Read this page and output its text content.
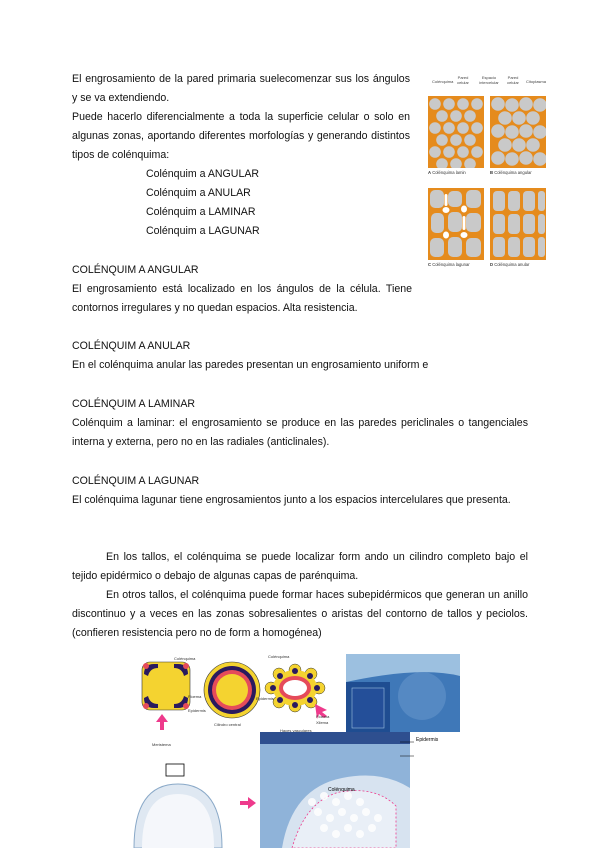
El engrosamiento de la pared primaria suelecomenzar sus los ángulos y se va extendiendo.

Puede hacerlo diferencialmente a toda la superficie celular o solo en algunas zonas, aportando diferentes morfologías y generando distintos tipos de colénquima:

Colénquim a ANGULAR

Colénquim a ANULAR

Colénquim a LAMINAR

Colénquim a LAGUNAR

COLÉNQUIM A ANGULAR

El engrosamiento está localizado en los ángulos de la célula. Tiene contornos irregulares y no quedan espacios. Alta resistencia.

COLÉNQUIM A ANULAR

En el colénquima anular las paredes presentan un engrosamiento uniform e

COLÉNQUIM A LAMINAR

Colénquim a laminar: el engrosamiento se produce en las paredes periclinales o tangenciales interna y externa, pero no en las radiales (anticlinales).

COLÉNQUIM A LAGUNAR

El colénquima lagunar tiene engrosamientos junto a los espacios intercelulares que presenta.

En los tallos, el colénquima se puede localizar form ando un cilindro completo bajo el tejido epidérmico o debajo de algunas capas de parénquima.

En otros tallos, el colénquima puede formar haces subepidérmicos que generan un anillo discontinuo y a veces en las zonas sobresalientes o aristas del contorno de tallos y peciolos. (confieren resistencia pero no de form a homogénea)

Colénquima
Pared celular
Espacio intercelular
Pared celular	Citoplasma
A Colénquima lamin	B Colénquima angular
C Colénquima lagunar	D Colénquima anular
Colénquima
Meristema
Floema
Epidermis
Cilindro central
Colénquima
Epidermis
Floema
Xilema
Haces vasculares
Epidermis
Colénquima
